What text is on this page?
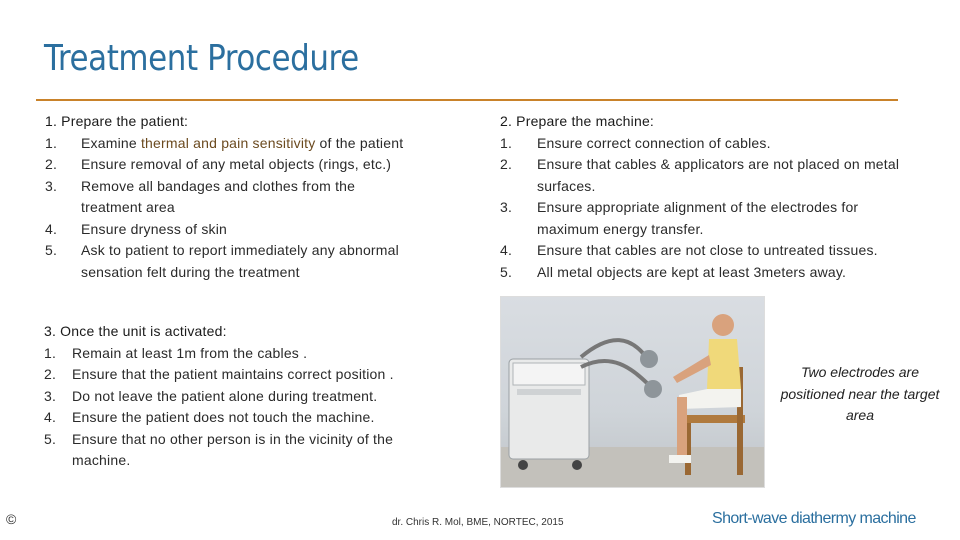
Treatment Procedure
1. Prepare the patient:
1.	Examine thermal and pain sensitivity of the patient
2.	Ensure removal of any metal objects (rings, etc.)
3.	Remove all bandages and clothes from the treatment area
4.	Ensure dryness of skin
5.	Ask to patient to report immediately any abnormal sensation felt during the treatment
2. Prepare the machine:
1.	Ensure correct connection of cables.
2.	Ensure that cables & applicators are not placed on metal surfaces.
3.	Ensure appropriate alignment of the electrodes for maximum energy transfer.
4.	Ensure that cables are not close to untreated tissues.
5.	All metal objects are kept at least 3meters away.
3. Once the unit is activated:
1.	Remain at least 1m from the cables .
2.	Ensure that the patient maintains correct position .
3.	Do not leave the patient alone during treatment.
4.	Ensure the patient does not touch the machine.
5.	Ensure that no other person is in the vicinity of the machine.
Two electrodes are positioned near the target area
©	dr. Chris R. Mol, BME, NORTEC, 2015	Short-wave diathermy machine
